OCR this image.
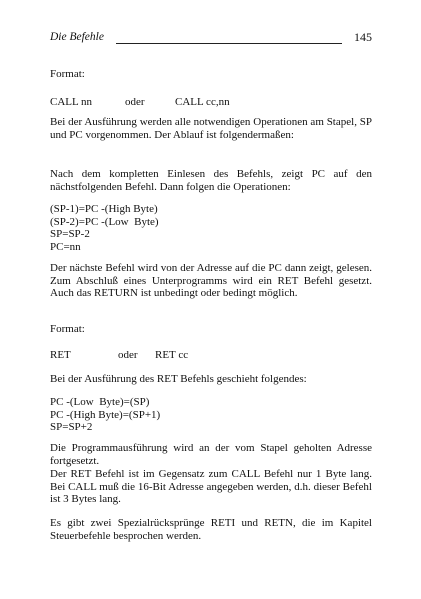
Die Befehle	145
Format:
CALL nn	oder	CALL cc,nn
Bei der Ausführung werden alle notwendigen Operationen am Stapel, SP und PC vorgenommen. Der Ablauf ist folgendermaßen:
Nach dem kompletten Einlesen des Befehls, zeigt PC auf den nächstfolgenden Befehl. Dann folgen die Operationen:
(SP-1)=PC -(High Byte)
(SP-2)=PC -(Low  Byte)
SP=SP-2
PC=nn
Der nächste Befehl wird von der Adresse auf die PC dann zeigt, gelesen. Zum Abschluß eines Unterprogramms wird ein RET Befehl gesetzt. Auch das RETURN ist unbedingt oder bedingt möglich.
Format:
RET	oder RET cc
Bei der Ausführung des RET Befehls geschieht folgendes:
PC -(Low  Byte)=(SP)
PC -(High Byte)=(SP+1)
SP=SP+2
Die Programmausführung wird an der vom Stapel geholten Adresse fortgesetzt.
Der RET Befehl ist im Gegensatz zum CALL Befehl nur 1 Byte lang. Bei CALL muß die 16-Bit Adresse angegeben werden, d.h. dieser Befehl ist 3 Bytes lang.
Es gibt zwei Spezialrücksprünge RETI und RETN, die im Kapitel Steuerbefehle besprochen werden.
